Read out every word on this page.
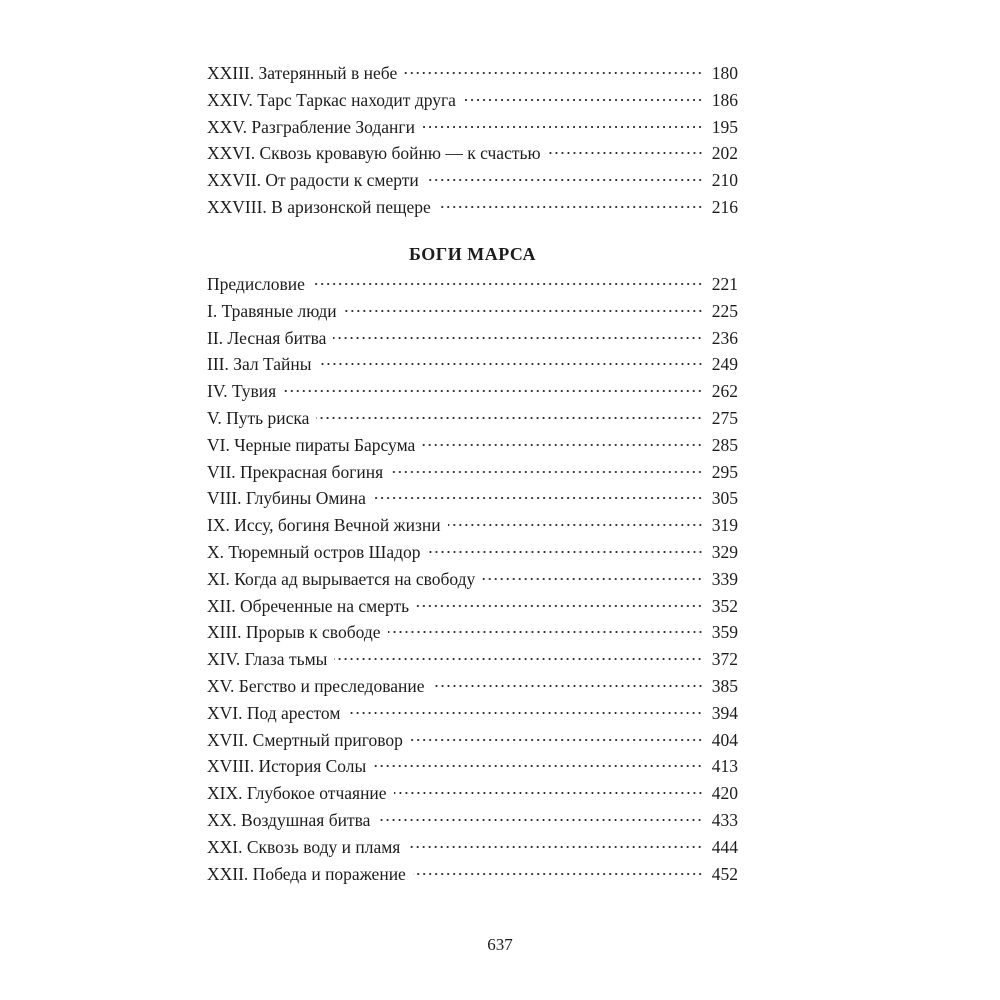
XXIII. Затерянный в небе	180
XXIV. Тарс Таркас находит друга	186
XXV. Разграбление Зоданги	195
XXVI. Сквозь кровавую бойню — к счастью	202
XXVII. От радости к смерти	210
XXVIII. В аризонской пещере	216
БОГИ МАРСА
Предисловие	221
I. Травяные люди	225
II. Лесная битва	236
III. Зал Тайны	249
IV. Тувия	262
V. Путь риска	275
VI. Черные пираты Барсума	285
VII. Прекрасная богиня	295
VIII. Глубины Омина	305
IX. Иссу, богиня Вечной жизни	319
X. Тюремный остров Шадор	329
XI. Когда ад вырывается на свободу	339
XII. Обреченные на смерть	352
XIII. Прорыв к свободе	359
XIV. Глаза тьмы	372
XV. Бегство и преследование	385
XVI. Под арестом	394
XVII. Смертный приговор	404
XVIII. История Солы	413
XIX. Глубокое отчаяние	420
XX. Воздушная битва	433
XXI. Сквозь воду и пламя	444
XXII. Победа и поражение	452
637
